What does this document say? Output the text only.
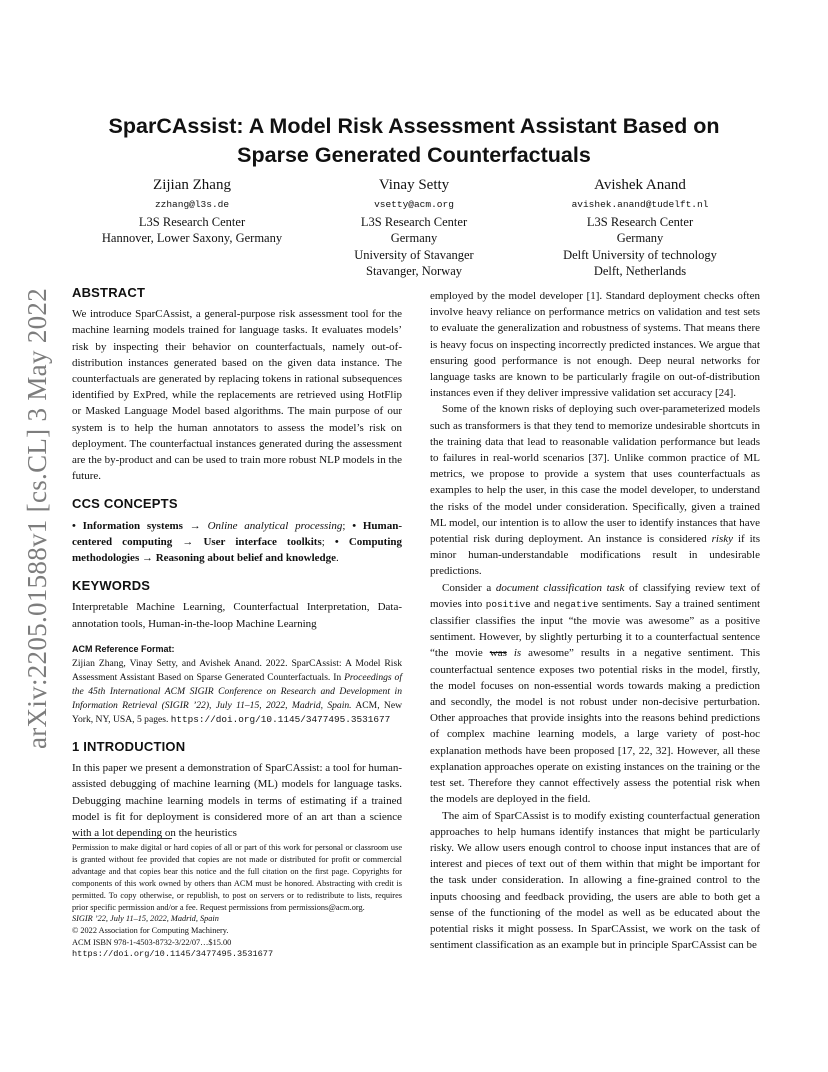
arXiv:2205.01588v1 [cs.CL] 3 May 2022
SparCAssist: A Model Risk Assessment Assistant Based on Sparse Generated Counterfactuals
Zijian Zhang
zzhang@l3s.de
L3S Research Center
Hannover, Lower Saxony, Germany
Vinay Setty
vsetty@acm.org
L3S Research Center
Germany
University of Stavanger
Stavanger, Norway
Avishek Anand
avishek.anand@tudelft.nl
L3S Research Center
Germany
Delft University of technology
Delft, Netherlands
ABSTRACT

We introduce SparCAssist, a general-purpose risk assessment tool for the machine learning models trained for language tasks. It evaluates models’ risk by inspecting their behavior on counterfactuals, namely out-of-distribution instances generated based on the given data instance. The counterfactuals are generated by replacing tokens in rational subsequences identified by ExPred, while the replacements are retrieved using HotFlip or Masked Language Model based algorithms. The main purpose of our system is to help the human annotators to assess the model’s risk on deployment. The counterfactual instances generated during the assessment are the by-product and can be used to train more robust NLP models in the future.

CCS CONCEPTS

• Information systems → Online analytical processing; • Human-centered computing → User interface toolkits; • Computing methodologies → Reasoning about belief and knowledge.

KEYWORDS

Interpretable Machine Learning, Counterfactual Interpretation, Data-annotation tools, Human-in-the-loop Machine Learning

ACM Reference Format:

Zijian Zhang, Vinay Setty, and Avishek Anand. 2022. SparCAssist: A Model Risk Assessment Assistant Based on Sparse Generated Counterfactuals. In Proceedings of the 45th International ACM SIGIR Conference on Research and Development in Information Retrieval (SIGIR ’22), July 11–15, 2022, Madrid, Spain. ACM, New York, NY, USA, 5 pages. https://doi.org/10.1145/3477495.3531677

1 INTRODUCTION

In this paper we present a demonstration of SparCAssist: a tool for human-assisted debugging of machine learning (ML) models for language tasks. Debugging machine learning models in terms of estimating if a trained model is fit for deployment is considered more of an art than a science with a lot depending on the heuristics

Permission to make digital or hard copies of all or part of this work for personal or classroom use is granted without fee provided that copies are not made or distributed for profit or commercial advantage and that copies bear this notice and the full citation on the first page. Copyrights for components of this work owned by others than ACM must be honored. Abstracting with credit is permitted. To copy otherwise, or republish, to post on servers or to redistribute to lists, requires prior specific permission and/or a fee. Request permissions from permissions@acm.org.

SIGIR ’22, July 11–15, 2022, Madrid, Spain

© 2022 Association for Computing Machinery.

ACM ISBN 978-1-4503-8732-3/22/07…$15.00

https://doi.org/10.1145/3477495.3531677

employed by the model developer [1]. Standard deployment checks often involve heavy reliance on performance metrics on validation and test sets to evaluate the generalization and robustness of systems. That means there is heavy focus on inspecting incorrectly predicted instances. We argue that ensuring good performance is not enough. Deep neural networks for language tasks are known to be particularly fragile on out-of-distribution instances even if they deliver impressive validation set accuracy [24].

Some of the known risks of deploying such over-parameterized models such as transformers is that they tend to memorize undesirable shortcuts in the training data that lead to reasonable validation performance but leads to failures in real-world scenarios [37]. Unlike common practice of ML metrics, we propose to provide a system that uses counterfactuals as examples to help the user, in this case the model developer, to understand the risks of the model under consideration. Specifically, given a trained ML model, our intention is to allow the user to identify instances that have potential risk during deployment. An instance is considered risky if its minor human-understandable modifications result in undesirable predictions.

Consider a document classification task of classifying review text of movies into positive and negative sentiments. Say a trained sentiment classifier classifies the input “the movie was awesome” as a positive sentiment. However, by slightly perturbing it to a counterfactual sentence “the movie was is awesome” results in a negative sentiment. This counterfactual sentence exposes two potential risks in the model, firstly, the model focuses on non-essential words towards making a prediction and secondly, the model is not robust under non-decisive perturbation. Other approaches that provide insights into the reasons behind predictions of complex machine learning models, a large variety of post-hoc explanation methods have been proposed [17, 22, 32]. However, all these explanation approaches operate on existing instances on the training or the test set. Therefore they cannot effectively assess the potential risk when the models are deployed in the field.

The aim of SparCAssist is to modify existing counterfactual generation approaches to help humans identify instances that might be particularly risky. We allow users enough control to choose input instances that are of interest and pieces of text out of them within that might be important for the task under consideration. In allowing a fine-grained control to the inputs choosing and feedback providing, the users are able to both get a sense of the functioning of the model as well as be educated about the potential risks it might possess. In SparCAssist, we work on the task of sentiment classification as an example but in principle SparCAssist can be
